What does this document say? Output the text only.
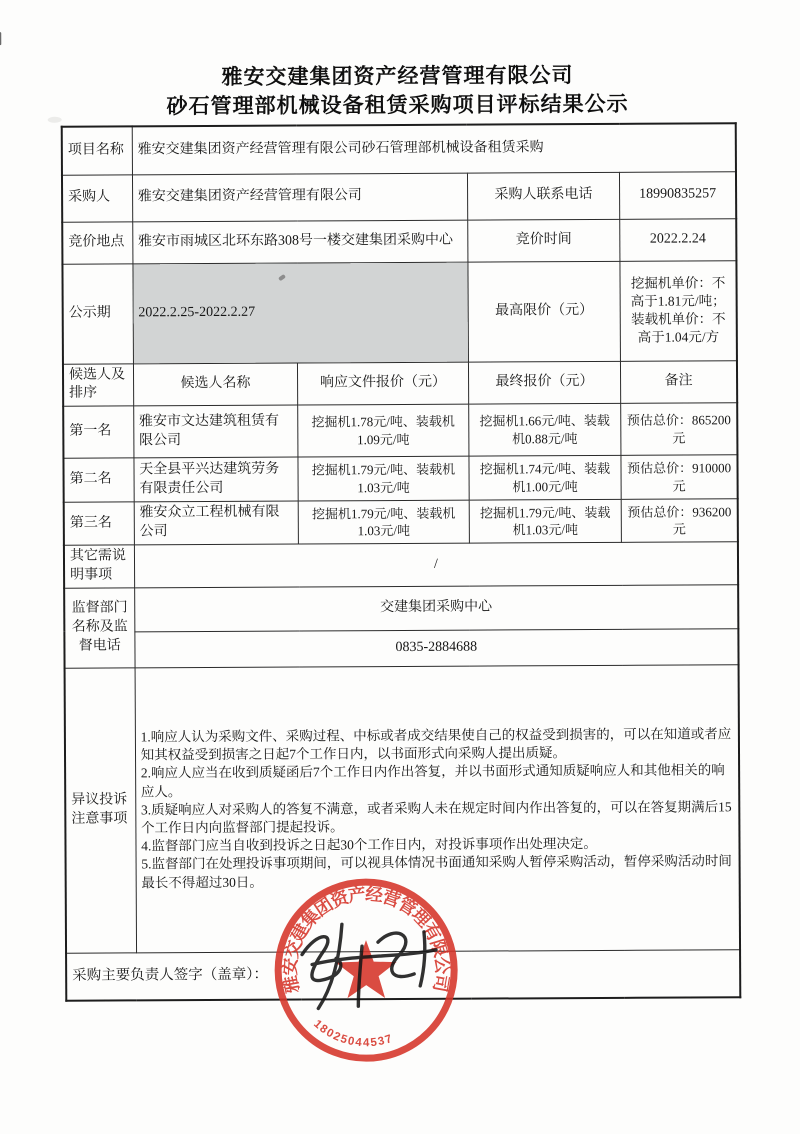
雅安交建集团资产经营管理有限公司
砂石管理部机械设备租赁采购项目评标结果公示
项目名称	雅安交建集团资产经营管理有限公司砂石管理部机械设备租赁采购			
采购人	雅安交建集团资产经营管理有限公司		采购人联系电话	18990835257
竞价地点	雅安市雨城区北环东路308号一楼交建集团采购中心		竞价时间	2022.2.24
公示期	2022.2.25-2022.2.27		最高限价（元）	挖掘机单价：不高于1.81元/吨；装载机单价：不高于1.04元/方
候选人及排序	候选人名称	响应文件报价（元）	最终报价（元）	备注
第一名	雅安市文达建筑租赁有限公司	挖掘机1.78元/吨、装载机1.09元/吨	挖掘机1.66元/吨、装载机0.88元/吨	预估总价：865200元
第二名	天全县平兴达建筑劳务有限责任公司	挖掘机1.79元/吨、装载机1.03元/吨	挖掘机1.74元/吨、装载机1.00元/吨	预估总价：910000元
第三名	雅安众立工程机械有限公司	挖掘机1.79元/吨、装载机1.03元/吨	挖掘机1.79元/吨、装载机1.03元/吨	预估总价：936200元
其它需说明事项	/			
监督部门名称及监督电话	交建集团采购中心			
	0835-2884688			
异议投诉注意事项	1.响应人认为采购文件、采购过程、中标或者成交结果使自己的权益受到损害的，可以在知道或者应知其权益受到损害之日起7个工作日内，以书面形式向采购人提出质疑。

2.响应人应当在收到质疑函后7个工作日内作出答复，并以书面形式通知质疑响应人和其他相关的响应人。

3.质疑响应人对采购人的答复不满意，或者采购人未在规定时间内作出答复的，可以在答复期满后15个工作日内向监督部门提起投诉。

4.监督部门应当自收到投诉之日起30个工作日内，对投诉事项作出处理决定。

5.监督部门在处理投诉事项期间，可以视具体情况书面通知采购人暂停采购活动，暂停采购活动时间最长不得超过30日。			

采购主要负责人签字（盖章）：				雅安交建集团资产经营管理有限公司
18025044537
